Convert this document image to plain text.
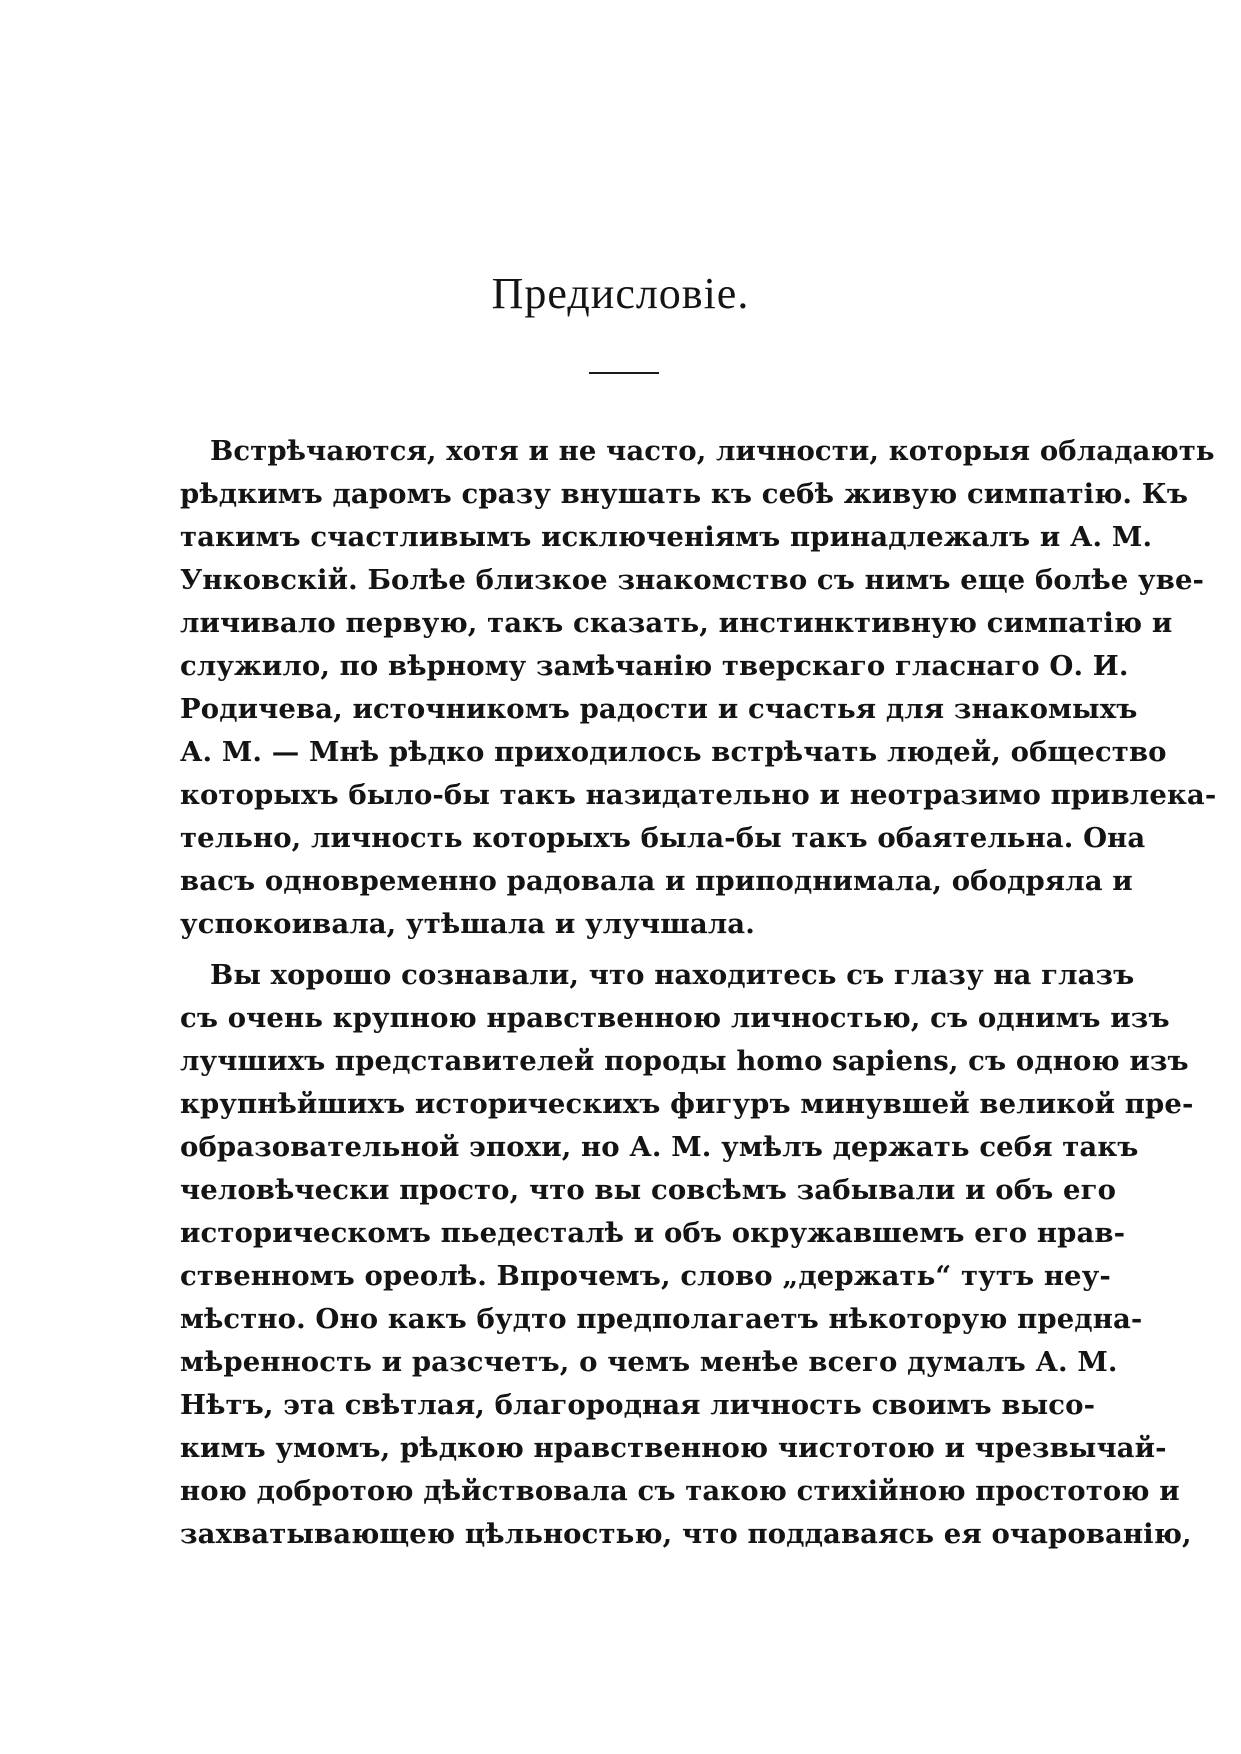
Предисловіе.
Встрѣчаются, хотя и не часто, личности, которыя обладають
рѣдкимъ даромъ сразу внушать къ себѣ живую симпатію. Къ
такимъ счастливымъ исключеніямъ принадлежалъ и А. М.
Унковскій. Болѣе близкое знакомство съ нимъ еще болѣе уве-
личивало первую, такъ сказать, инстинктивную симпатію и
служило, по вѣрному замѣчанію тверскаго гласнаго О. И.
Родичева, источникомъ радости и счастья для знакомыхъ
А. М. — Мнѣ рѣдко приходилось встрѣчать людей, общество
которыхъ было-бы такъ назидательно и неотразимо привлека-
тельно, личность которыхъ была-бы такъ обаятельна. Она
васъ одновременно радовала и приподнимала, ободряла и
успокоивала, утѣшала и улучшала.
Вы хорошо сознавали, что находитесь съ глазу на глазъ
съ очень крупною нравственною личностью, съ однимъ изъ
лучшихъ представителей породы homo sapiens, съ одною изъ
крупнѣйшихъ историческихъ фигуръ минувшей великой пре-
образовательной эпохи, но А. М. умѣлъ держать себя такъ
человѣчески просто, что вы совсѣмъ забывали и объ его
историческомъ пьедесталѣ и объ окружавшемъ его нрав-
ственномъ ореолѣ. Впрочемъ, слово „держать“ тутъ неу-
мѣстно. Оно какъ будто предполагаетъ нѣкоторую предна-
мѣренность и разсчетъ, о чемъ менѣе всего думалъ А. М.
Нѣтъ, эта свѣтлая, благородная личность своимъ высо-
кимъ умомъ, рѣдкою нравственною чистотою и чрезвычай-
ною добротою дѣйствовала съ такою стихійною простотою и
захватывающею цѣльностью, что поддаваясь ея очарованію,
